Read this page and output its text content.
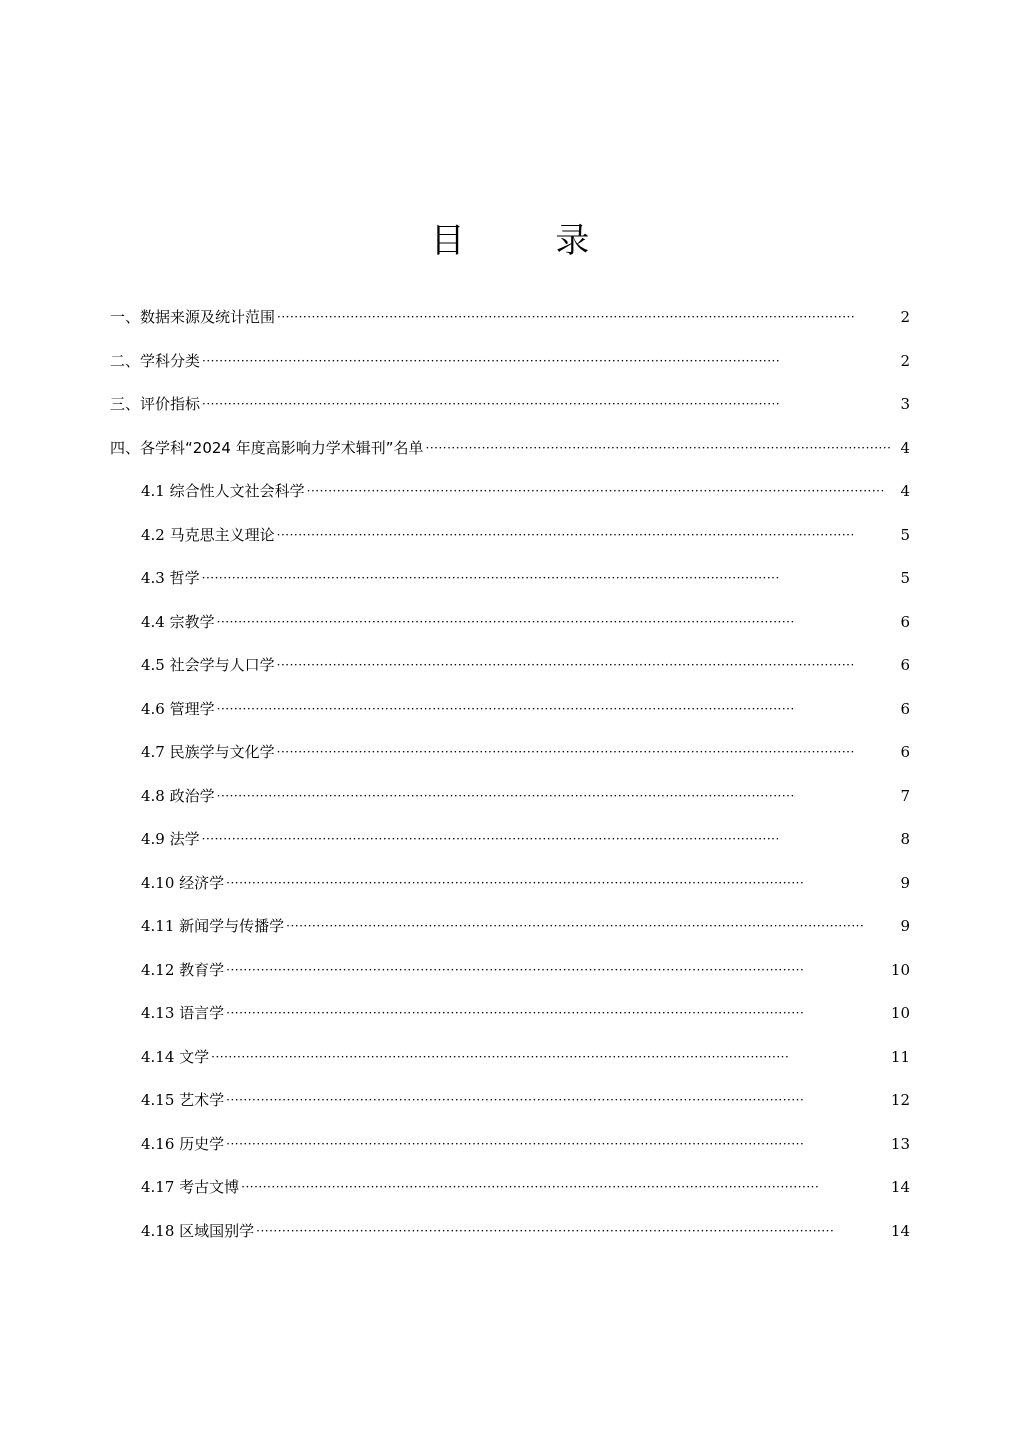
目 录
一、数据来源及统计范围 ·····	2
二、学科分类 ·····	2
三、评价指标 ·····	3
四、各学科“2024 年度高影响力学术辑刊”名单 ·····	4
4.1 综合性人文社会科学 ·····	4
4.2 马克思主义理论 ·····	5
4.3 哲学 ·····	5
4.4 宗教学 ·····	6
4.5 社会学与人口学 ·····	6
4.6 管理学 ·····	6
4.7 民族学与文化学 ·····	6
4.8 政治学 ·····	7
4.9 法学 ·····	8
4.10 经济学 ·····	9
4.11 新闻学与传播学 ·····	9
4.12 教育学 ·····	10
4.13 语言学 ·····	10
4.14 文学 ·····	11
4.15 艺术学 ·····	12
4.16 历史学 ·····	13
4.17 考古文博 ·····	14
4.18 区域国别学 ·····	14
